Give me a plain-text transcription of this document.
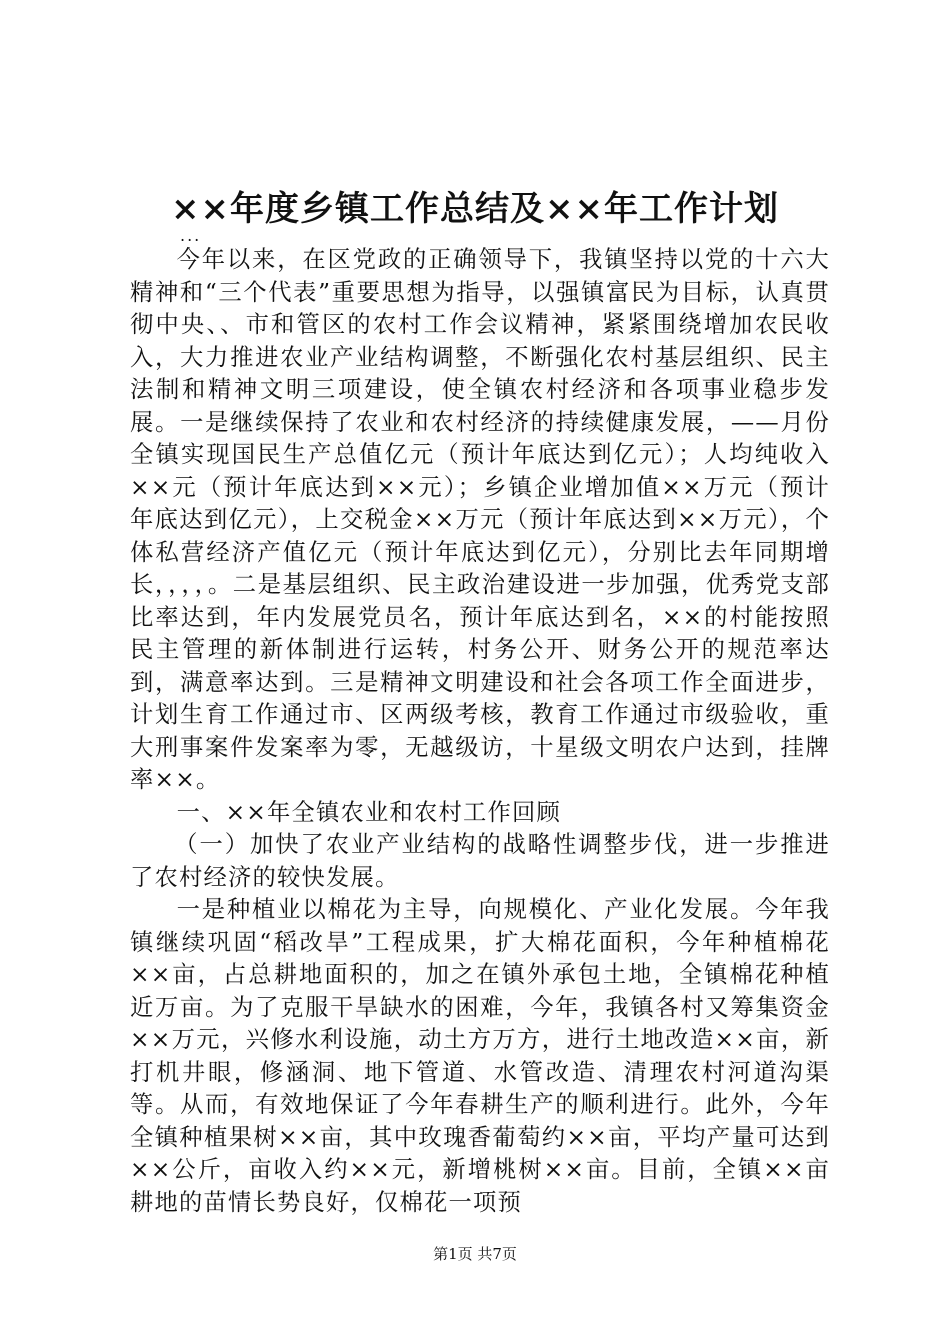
××年度乡镇工作总结及××年工作计划
...

今年以来，在区党政的正确领导下，我镇坚持以党的十六大精神和“三个代表”重要思想为指导，以强镇富民为目标，认真贯彻中央、、市和管区的农村工作会议精神，紧紧围绕增加农民收入，大力推进农业产业结构调整，不断强化农村基层组织、民主法制和精神文明三项建设，使全镇农村经济和各项事业稳步发展。一是继续保持了农业和农村经济的持续健康发展，——月份全镇实现国民生产总值亿元（预计年底达到亿元）；人均纯收入××元（预计年底达到××元）；乡镇企业增加值××万元（预计年底达到亿元），上交税金××万元（预计年底达到××万元），个体私营经济产值亿元（预计年底达到亿元），分别比去年同期增长，，，，。二是基层组织、民主政治建设进一步加强，优秀党支部比率达到，年内发展党员名，预计年底达到名，××的村能按照民主管理的新体制进行运转，村务公开、财务公开的规范率达到，满意率达到。三是精神文明建设和社会各项工作全面进步，计划生育工作通过市、区两级考核，教育工作通过市级验收，重大刑事案件发案率为零，无越级访，十星级文明农户达到，挂牌率××。

一、××年全镇农业和农村工作回顾

（一）加快了农业产业结构的战略性调整步伐，进一步推进了农村经济的较快发展。

一是种植业以棉花为主导，向规模化、产业化发展。今年我镇继续巩固“稻改旱”工程成果，扩大棉花面积，今年种植棉花××亩，占总耕地面积的，加之在镇外承包土地，全镇棉花种植近万亩。为了克服干旱缺水的困难，今年，我镇各村又筹集资金××万元，兴修水利设施，动土方万方，进行土地改造××亩，新打机井眼，修涵洞、地下管道、水管改造、清理农村河道沟渠等。从而，有效地保证了今年春耕生产的顺利进行。此外，今年全镇种植果树××亩，其中玫瑰香葡萄约××亩，平均产量可达到××公斤，亩收入约××元，新增桃树××亩。目前，全镇××亩耕地的苗情长势良好，仅棉花一项预

第1页 共7页
